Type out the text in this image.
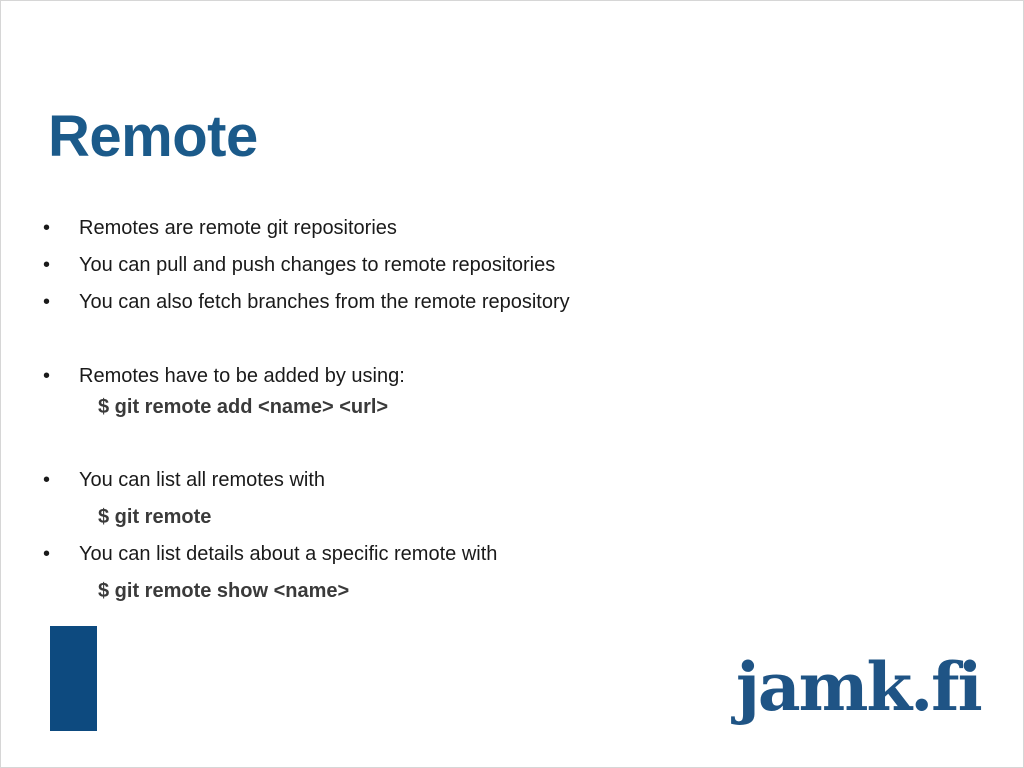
Remote
• Remotes are remote git repositories
• You can pull and push changes to remote repositories
• You can also fetch branches from the remote repository
• Remotes have to be added by using:
• You can list all remotes with
• You can list details about a specific remote with
$ git remote add <name> <url>
$ git remote
$ git remote show <name>
jamk.fi
